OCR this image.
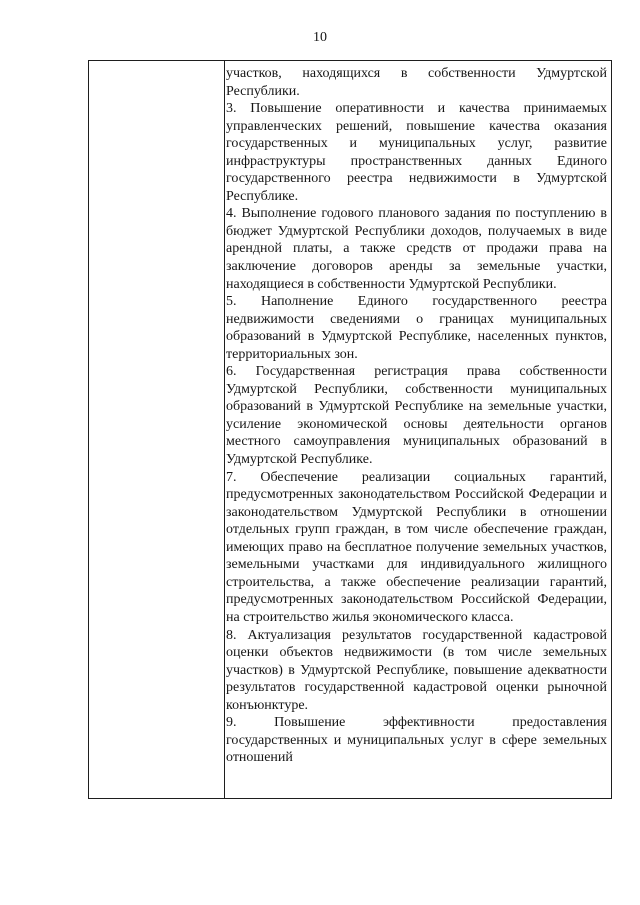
10

участков, находящихся в собственности Удмуртской Республики.

3. Повышение оперативности и качества принимаемых управленческих решений, повышение качества оказания государственных и муниципальных услуг, развитие инфраструктуры пространственных данных Единого государственного реестра недвижимости в Удмуртской Республике.

4. Выполнение годового планового задания по поступлению в бюджет Удмуртской Республики доходов, получаемых в виде арендной платы, а также средств от продажи права на заключение договоров аренды за земельные участки, находящиеся в собственности Удмуртской Республики.

5. Наполнение Единого государственного реестра недвижимости сведениями о границах муниципальных образований в Удмуртской Республике, населенных пунктов, территориальных зон.

6. Государственная регистрация права собственности Удмуртской Республики, собственности муниципальных образований в Удмуртской Республике на земельные участки, усиление экономической основы деятельности органов местного самоуправления муниципальных образований в Удмуртской Республике.

7. Обеспечение реализации социальных гарантий, предусмотренных законодательством Российской Федерации и законодательством Удмуртской Республики в отношении отдельных групп граждан, в том числе обеспечение граждан, имеющих право на бесплатное получение земельных участков, земельными участками для индивидуального жилищного строительства, а также обеспечение реализации гарантий, предусмотренных законодательством Российской Федерации, на строительство жилья экономического класса.

8. Актуализация результатов государственной кадастровой оценки объектов недвижимости (в том числе земельных участков) в Удмуртской Республике, повышение адекватности результатов государственной кадастровой оценки рыночной конъюнктуре.

9. Повышение эффективности предоставления государственных и муниципальных услуг в сфере земельных отношений
